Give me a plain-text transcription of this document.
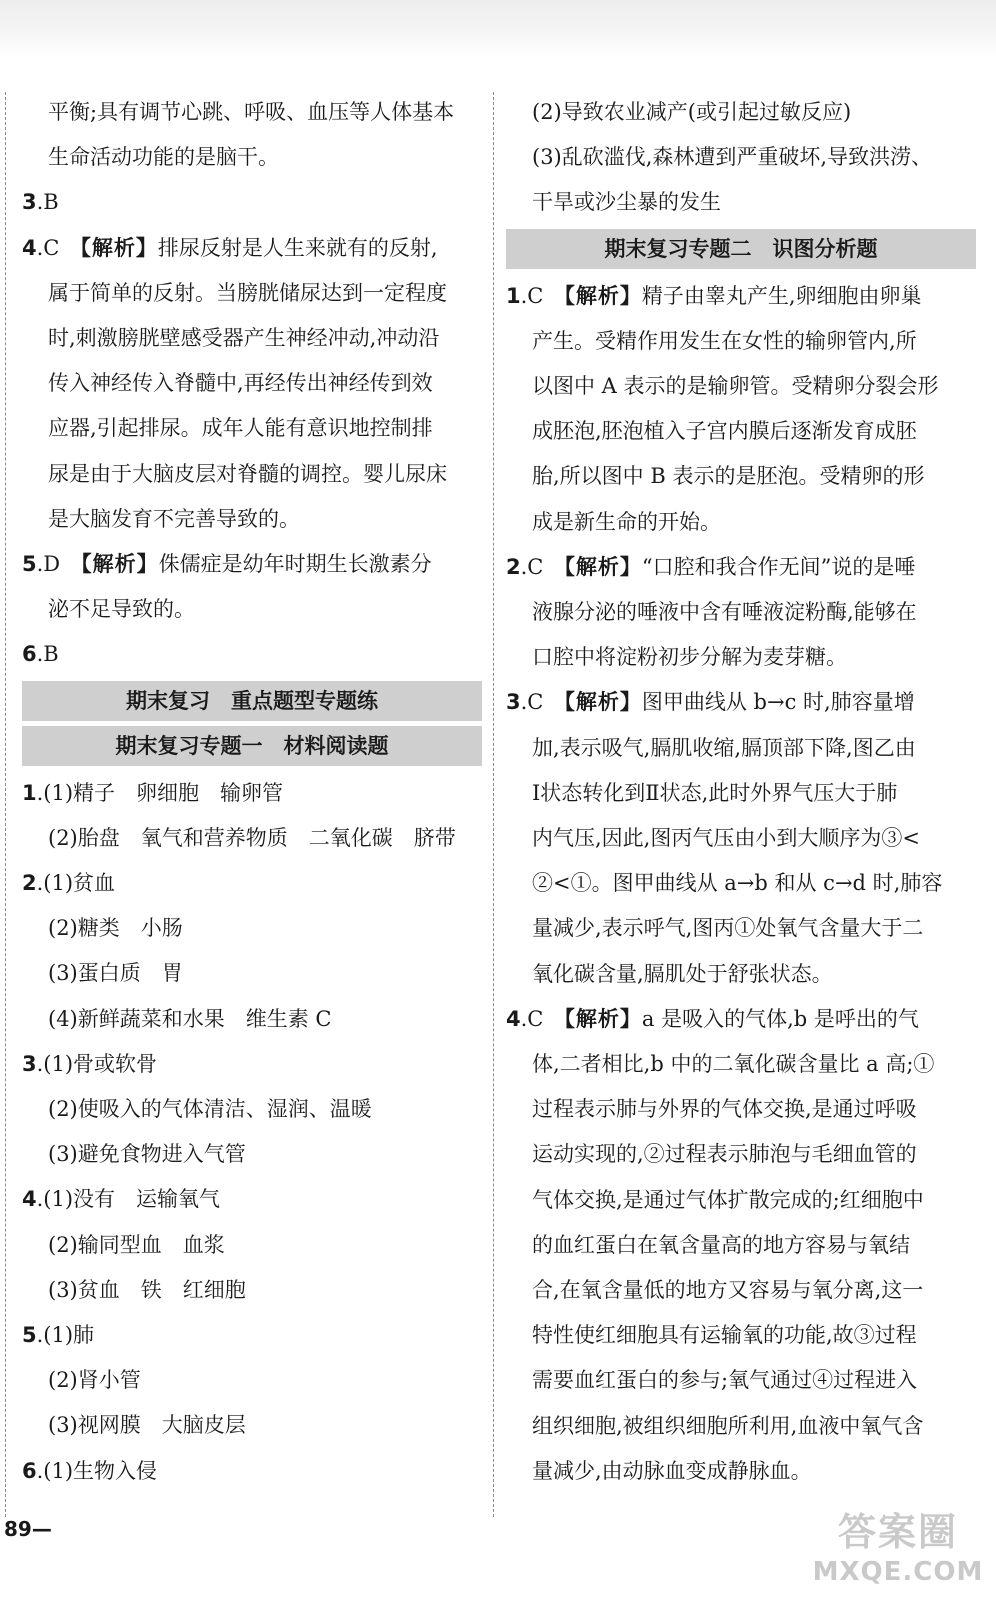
平衡;具有调节心跳、呼吸、血压等人体基本
生命活动功能的是脑干。
3.B
4.C  【解析】排尿反射是人生来就有的反射,
属于简单的反射。当膀胱储尿达到一定程度
时,刺激膀胱壁感受器产生神经冲动,冲动沿
传入神经传入脊髓中,再经传出神经传到效
应器,引起排尿。成年人能有意识地控制排
尿是由于大脑皮层对脊髓的调控。婴儿尿床
是大脑发育不完善导致的。
5.D  【解析】侏儒症是幼年时期生长激素分
泌不足导致的。
6.B
期末复习　重点题型专题练
期末复习专题一　材料阅读题
1.(1)精子　卵细胞　输卵管
(2)胎盘　氧气和营养物质　二氧化碳　脐带
2.(1)贫血
(2)糖类　小肠
(3)蛋白质　胃
(4)新鲜蔬菜和水果　维生素 C
3.(1)骨或软骨
(2)使吸入的气体清洁、湿润、温暖
(3)避免食物进入气管
4.(1)没有　运输氧气
(2)输同型血　血浆
(3)贫血　铁　红细胞
5.(1)肺
(2)肾小管
(3)视网膜　大脑皮层
6.(1)生物入侵
(2)导致农业减产(或引起过敏反应)
(3)乱砍滥伐,森林遭到严重破坏,导致洪涝、
干旱或沙尘暴的发生
期末复习专题二　识图分析题
1.C  【解析】精子由睾丸产生,卵细胞由卵巢
产生。受精作用发生在女性的输卵管内,所
以图中 A 表示的是输卵管。受精卵分裂会形
成胚泡,胚泡植入子宫内膜后逐渐发育成胚
胎,所以图中 B 表示的是胚泡。受精卵的形
成是新生命的开始。
2.C  【解析】“口腔和我合作无间”说的是唾
液腺分泌的唾液中含有唾液淀粉酶,能够在
口腔中将淀粉初步分解为麦芽糖。
3.C  【解析】图甲曲线从 b→c 时,肺容量增
加,表示吸气,膈肌收缩,膈顶部下降,图乙由
Ⅰ状态转化到Ⅱ状态,此时外界气压大于肺
内气压,因此,图丙气压由小到大顺序为③<
②<①。图甲曲线从 a→b 和从 c→d 时,肺容
量减少,表示呼气,图丙①处氧气含量大于二
氧化碳含量,膈肌处于舒张状态。
4.C  【解析】a 是吸入的气体,b 是呼出的气
体,二者相比,b 中的二氧化碳含量比 a 高;①
过程表示肺与外界的气体交换,是通过呼吸
运动实现的,②过程表示肺泡与毛细血管的
气体交换,是通过气体扩散完成的;红细胞中
的血红蛋白在氧含量高的地方容易与氧结
合,在氧含量低的地方又容易与氧分离,这一
特性使红细胞具有运输氧的功能,故③过程
需要血红蛋白的参与;氧气通过④过程进入
组织细胞,被组织细胞所利用,血液中氧气含
量减少,由动脉血变成静脉血。
89—	答案圈
MXQE.COM
